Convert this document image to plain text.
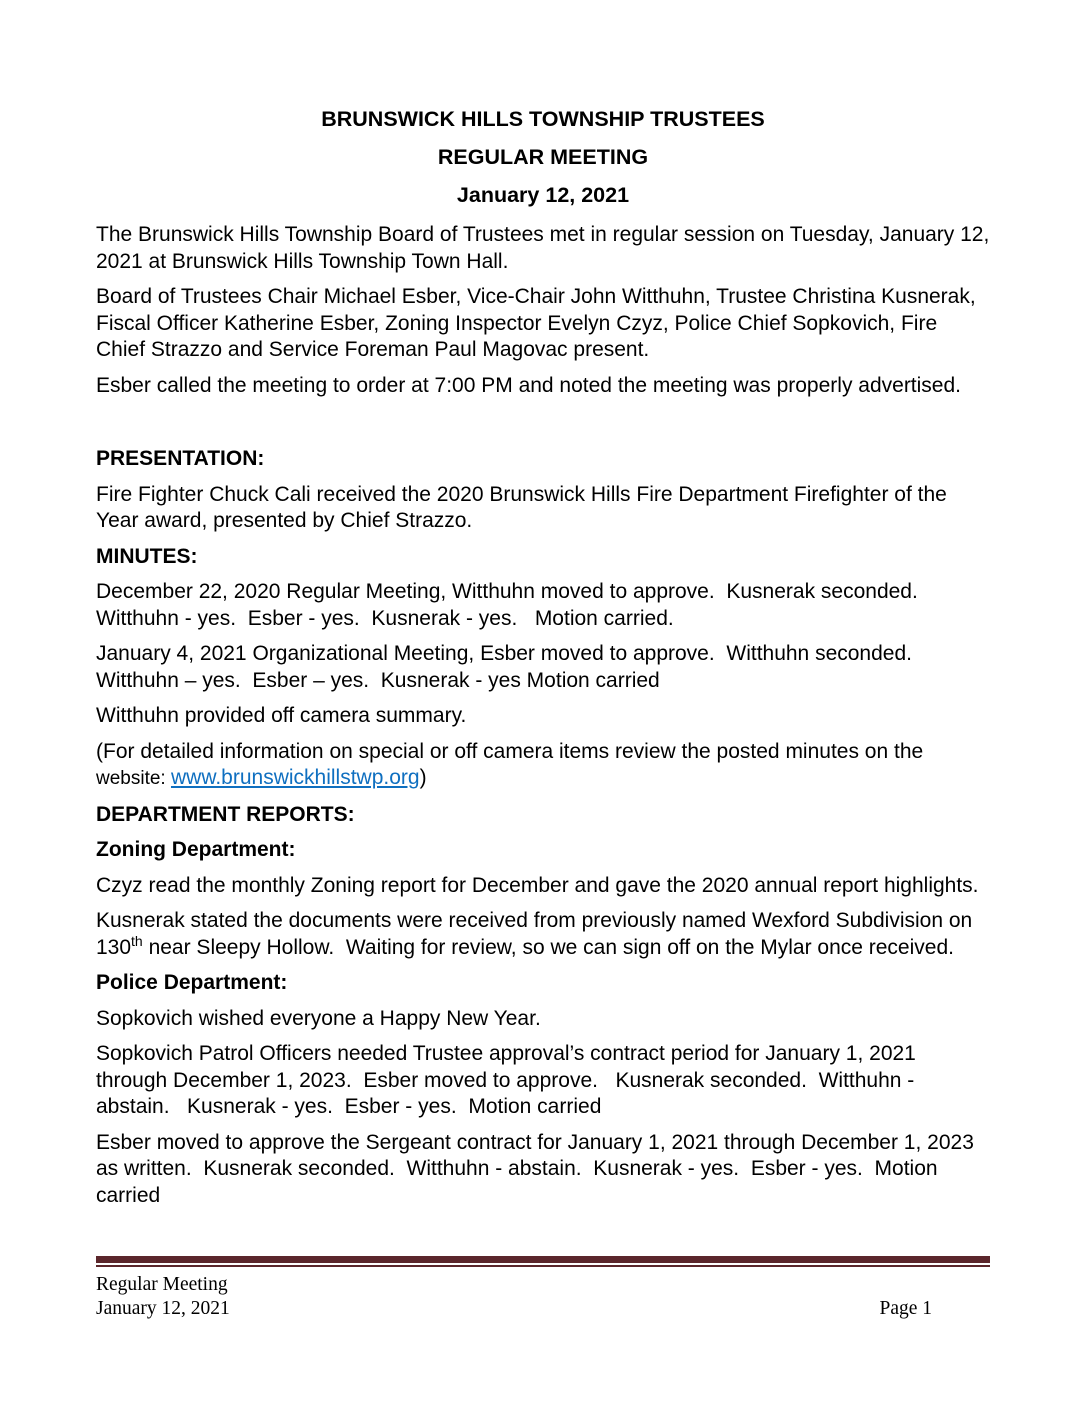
BRUNSWICK HILLS TOWNSHIP TRUSTEES
REGULAR MEETING
January 12, 2021

The Brunswick Hills Township Board of Trustees met in regular session on Tuesday, January 12, 2021 at Brunswick Hills Township Town Hall.

Board of Trustees Chair Michael Esber, Vice-Chair John Witthuhn, Trustee Christina Kusnerak, Fiscal Officer Katherine Esber, Zoning Inspector Evelyn Czyz, Police Chief Sopkovich, Fire Chief Strazzo and Service Foreman Paul Magovac present.

Esber called the meeting to order at 7:00 PM and noted the meeting was properly advertised.

PRESENTATION:

Fire Fighter Chuck Cali received the 2020 Brunswick Hills Fire Department Firefighter of the Year award, presented by Chief Strazzo.

MINUTES:

December 22, 2020 Regular Meeting, Witthuhn moved to approve.  Kusnerak seconded.  Witthuhn - yes.  Esber - yes.  Kusnerak - yes.   Motion carried.

January 4, 2021 Organizational Meeting, Esber moved to approve.  Witthuhn seconded.  Witthuhn – yes.  Esber – yes.  Kusnerak - yes Motion carried

Witthuhn provided off camera summary.

(For detailed information on special or off camera items review the posted minutes on the website: www.brunswickhillstwp.org)

DEPARTMENT REPORTS:
Zoning Department:

Czyz read the monthly Zoning report for December and gave the 2020 annual report highlights.

Kusnerak stated the documents were received from previously named Wexford Subdivision on 130th near Sleepy Hollow.  Waiting for review, so we can sign off on the Mylar once received.

Police Department:

Sopkovich wished everyone a Happy New Year.

Sopkovich Patrol Officers needed Trustee approval’s contract period for January 1, 2021 through December 1, 2023.  Esber moved to approve.   Kusnerak seconded.  Witthuhn - abstain.   Kusnerak - yes.  Esber - yes.  Motion carried

Esber moved to approve the Sergeant contract for January 1, 2021 through December 1, 2023 as written.  Kusnerak seconded.  Witthuhn - abstain.  Kusnerak - yes.  Esber - yes.  Motion carried

Regular Meeting
January 12, 2021	Page 1
